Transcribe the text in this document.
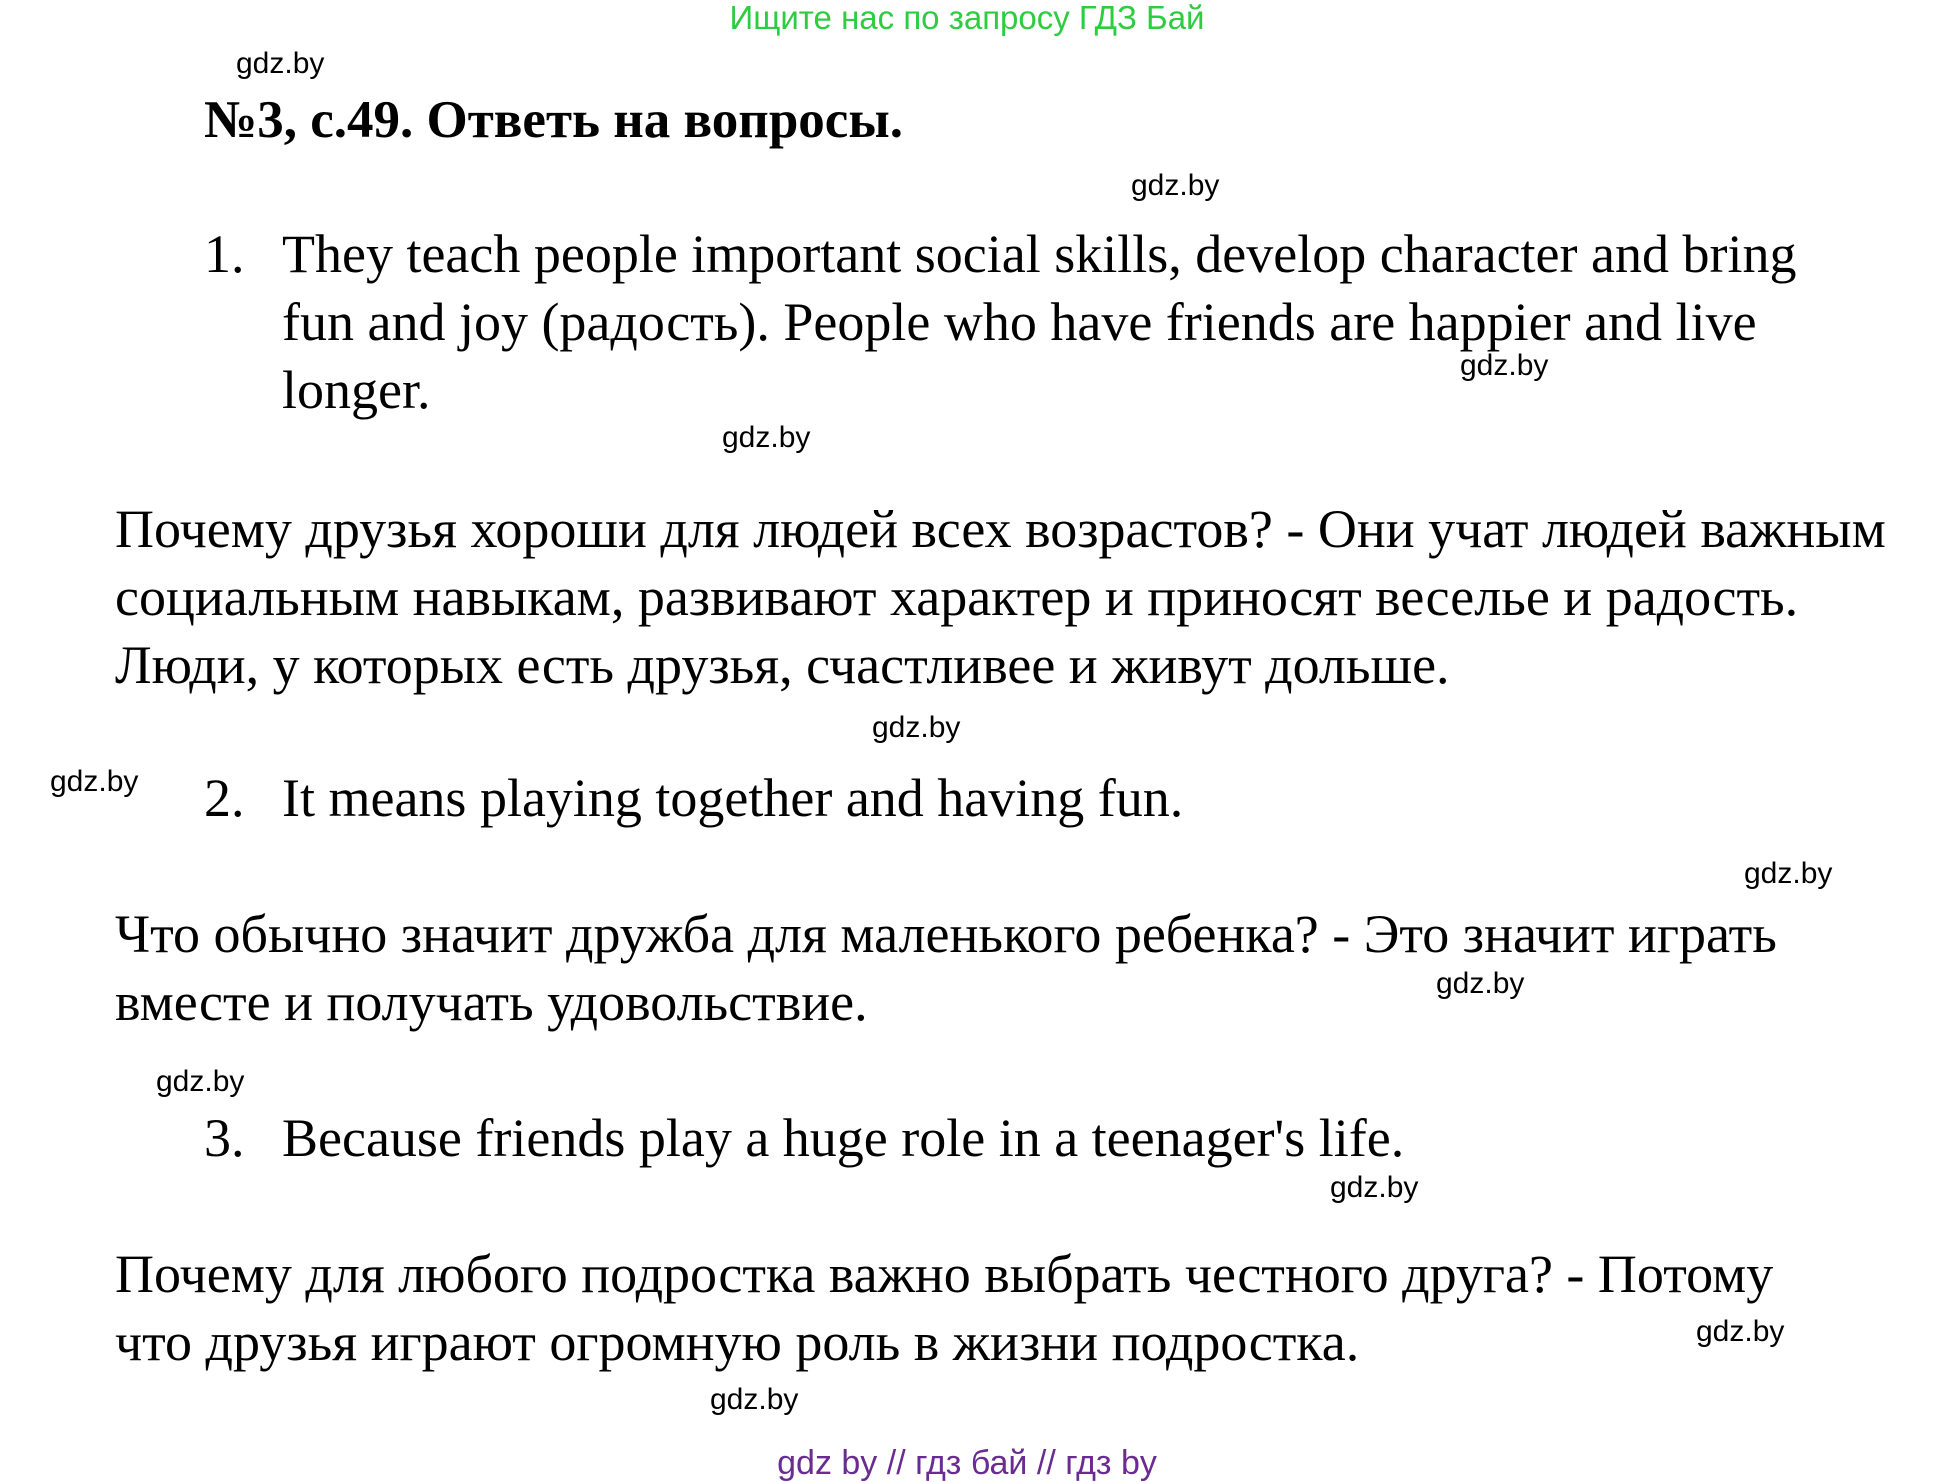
Ищите нас по запросу ГДЗ Бай
gdz.by
№3, с.49. Ответь на вопросы.
gdz.by
1. They teach people important social skills, develop character and bring fun and joy (радость). People who have friends are happier and live longer.	gdz.by
gdz.by
Почему друзья хороши для людей всех возрастов? - Они учат людей важным социальным навыкам, развивают характер и приносят веселье и радость. Люди, у которых есть друзья, счастливее и живут дольше.
gdz.by
gdz.by 2. It means playing together and having fun.
gdz.by
Что обычно значит дружба для маленького ребенка? - Это значит играть вместе и получать удовольствие.	gdz.by
gdz.by
3. Because friends play a huge role in a teenager's life.
gdz.by
Почему для любого подростка важно выбрать честного друга? - Потому что друзья играют огромную роль в жизни подростка.	gdz.by
gdz.by
gdz by // гдз бай // гдз by
